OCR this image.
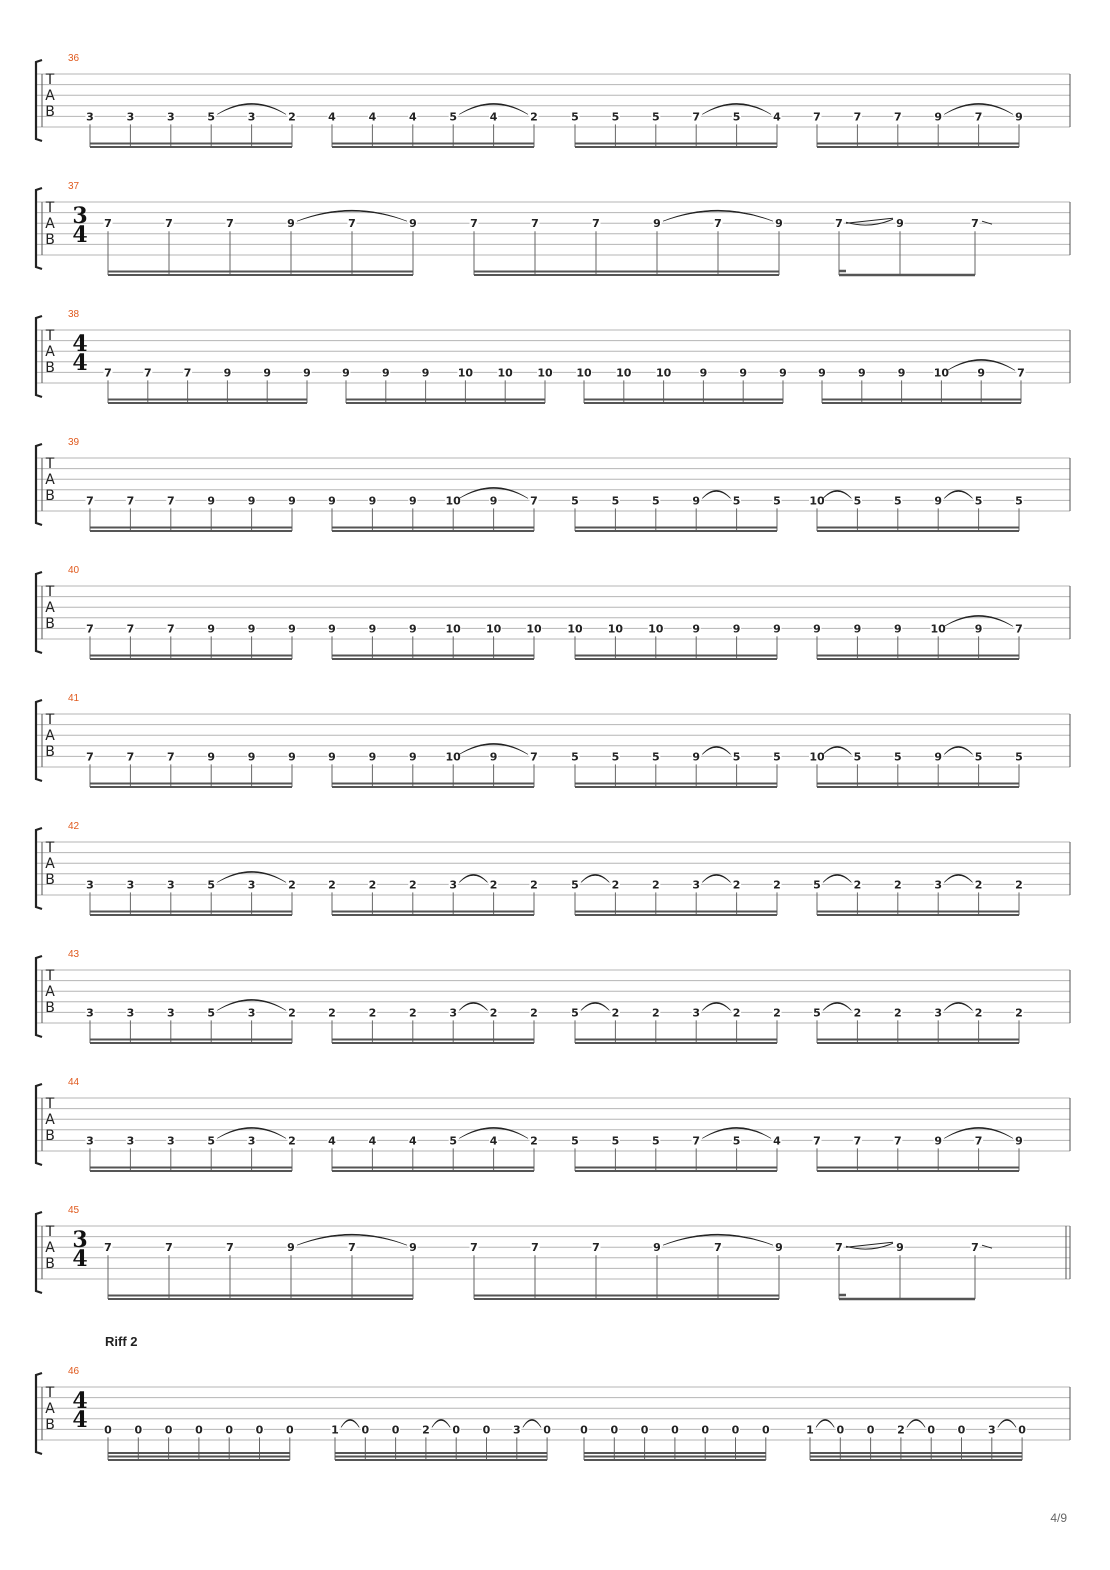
Riff 2
T
A
B
36
3	3	3	5	3	2	4	4	4	5	4	2	5	5	5	7	5	4	7	7	7	9	7	9
T
A
B
37
3
4 7	7	7	9	7	9	7	7	7	9	7	9	7	9	7
T
A
B
38
4
4 7	7	7	9	9	9	9	9	9	10 10 10 10 10 10	9	9	9	9	9	9	10	9	7
T
A
B
39
7	7	7	9	9	9	9	9	9	10	9	7	5	5	5	9	5	5	10	5	5	9	5	5
T
A
B
40
7	7	7	9	9	9	9	9	9	10 10 10 10 10 10	9	9	9	9	9	9	10	9	7
T
A
B
41
7	7	7	9	9	9	9	9	9	10	9	7	5	5	5	9	5	5	10	5	5	9	5	5
T
A
B
42
3	3	3	5	3	2	2	2	2	3	2	2	5	2	2	3	2	2	5	2	2	3	2	2
T
A
B
43
3	3	3	5	3	2	2	2	2	3	2	2	5	2	2	3	2	2	5	2	2	3	2	2
T
A
B
44
3	3	3	5	3	2	4	4	4	5	4	2	5	5	5	7	5	4	7	7	7	9	7	9
T
A
B
45
3
4 7	7	7	9	7	9	7	7	7	9	7	9	7	9	7
T
A
B
46
4
4 0 0 0 0 0 0 0	1 0 0 2 0 0 3 0	0 0 0 0 0 0 0	1 0 0 2 0 0 3 0
4/9
